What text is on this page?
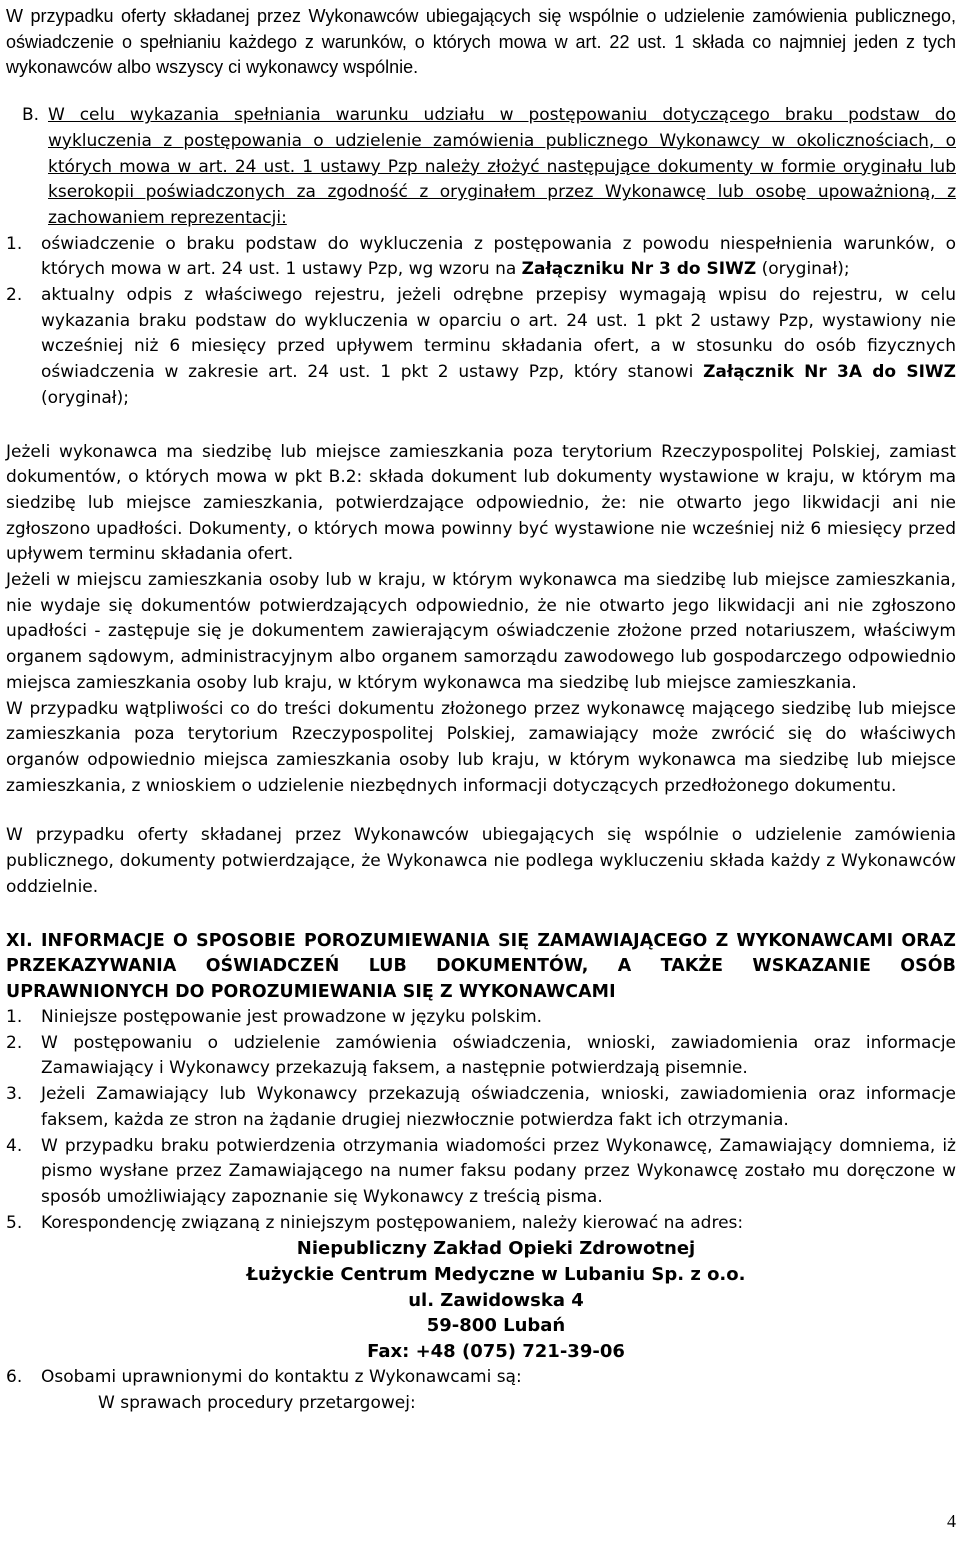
W przypadku oferty składanej przez Wykonawców ubiegających się wspólnie o udzielenie zamówienia publicznego, oświadczenie o spełnianiu każdego z warunków, o których mowa w art. 22 ust. 1 składa co najmniej jeden z tych wykonawców albo wszyscy ci wykonawcy wspólnie.

B. W celu wykazania spełniania warunku udziału w postępowaniu dotyczącego braku podstaw do wykluczenia z postępowania o udzielenie zamówienia publicznego Wykonawcy w okolicznościach, o których mowa w art. 24 ust. 1 ustawy Pzp należy złożyć następujące dokumenty w formie oryginału lub kserokopii poświadczonych za zgodność z oryginałem przez Wykonawcę lub osobę upoważnioną, z zachowaniem reprezentacji:
1.	oświadczenie o braku podstaw do wykluczenia z postępowania z powodu niespełnienia warunków, o których mowa w art. 24 ust. 1 ustawy Pzp, wg wzoru na Załączniku Nr 3 do SIWZ (oryginał);
2.	aktualny odpis z właściwego rejestru, jeżeli odrębne przepisy wymagają wpisu do rejestru, w celu wykazania braku podstaw do wykluczenia w oparciu o art. 24 ust. 1 pkt 2 ustawy Pzp, wystawiony nie wcześniej niż 6 miesięcy przed upływem terminu składania ofert, a w stosunku do osób fizycznych oświadczenia w zakresie art. 24 ust. 1 pkt 2 ustawy Pzp, który stanowi Załącznik Nr 3A do SIWZ (oryginał);

Jeżeli wykonawca ma siedzibę lub miejsce zamieszkania poza terytorium Rzeczypospolitej Polskiej, zamiast dokumentów, o których mowa w pkt B.2: składa dokument lub dokumenty wystawione w kraju, w którym ma siedzibę lub miejsce zamieszkania, potwierdzające odpowiednio, że: nie otwarto jego likwidacji ani nie zgłoszono upadłości. Dokumenty, o których mowa powinny być wystawione nie wcześniej niż 6 miesięcy przed upływem terminu składania ofert.

Jeżeli w miejscu zamieszkania osoby lub w kraju, w którym wykonawca ma siedzibę lub miejsce zamieszkania, nie wydaje się dokumentów potwierdzających odpowiednio, że nie otwarto jego likwidacji ani nie zgłoszono upadłości - zastępuje się je dokumentem zawierającym oświadczenie złożone przed notariuszem, właściwym organem sądowym, administracyjnym albo organem samorządu zawodowego lub gospodarczego odpowiednio miejsca zamieszkania osoby lub kraju, w którym wykonawca ma siedzibę lub miejsce zamieszkania.

W przypadku wątpliwości co do treści dokumentu złożonego przez wykonawcę mającego siedzibę lub miejsce zamieszkania poza terytorium Rzeczypospolitej Polskiej, zamawiający może zwrócić się do właściwych organów odpowiednio miejsca zamieszkania osoby lub kraju, w którym wykonawca ma siedzibę lub miejsce zamieszkania, z wnioskiem o udzielenie niezbędnych informacji dotyczących przedłożonego dokumentu.

W przypadku oferty składanej przez Wykonawców ubiegających się wspólnie o udzielenie zamówienia publicznego, dokumenty potwierdzające, że Wykonawca nie podlega wykluczeniu składa każdy z Wykonawców oddzielnie.

XI. INFORMACJE O SPOSOBIE POROZUMIEWANIA SIĘ ZAMAWIAJĄCEGO Z WYKONAWCAMI ORAZ PRZEKAZYWANIA OŚWIADCZEŃ LUB DOKUMENTÓW, A TAKŻE WSKAZANIE OSÓB UPRAWNIONYCH DO POROZUMIEWANIA SIĘ Z WYKONAWCAMI

1.	Niniejsze postępowanie jest prowadzone w języku polskim.
2.	W postępowaniu o udzielenie zamówienia oświadczenia, wnioski, zawiadomienia oraz informacje Zamawiający i Wykonawcy przekazują faksem, a następnie potwierdzają pisemnie.
3.	Jeżeli Zamawiający lub Wykonawcy przekazują oświadczenia, wnioski, zawiadomienia oraz informacje faksem, każda ze stron na żądanie drugiej niezwłocznie potwierdza fakt ich otrzymania.
4.	W przypadku braku potwierdzenia otrzymania wiadomości przez Wykonawcę, Zamawiający domniema, iż pismo wysłane przez Zamawiającego na numer faksu podany przez Wykonawcę zostało mu doręczone w sposób umożliwiający zapoznanie się Wykonawcy z treścią pisma.
5.	Korespondencję związaną z niniejszym postępowaniem, należy kierować na adres:
Niepubliczny Zakład Opieki Zdrowotnej
Łużyckie Centrum Medyczne w Lubaniu Sp. z o.o.
ul. Zawidowska 4
59-800 Lubań
Fax: +48 (075) 721-39-06
6.	Osobami uprawnionymi do kontaktu z Wykonawcami są:
W sprawach procedury przetargowej:
4
